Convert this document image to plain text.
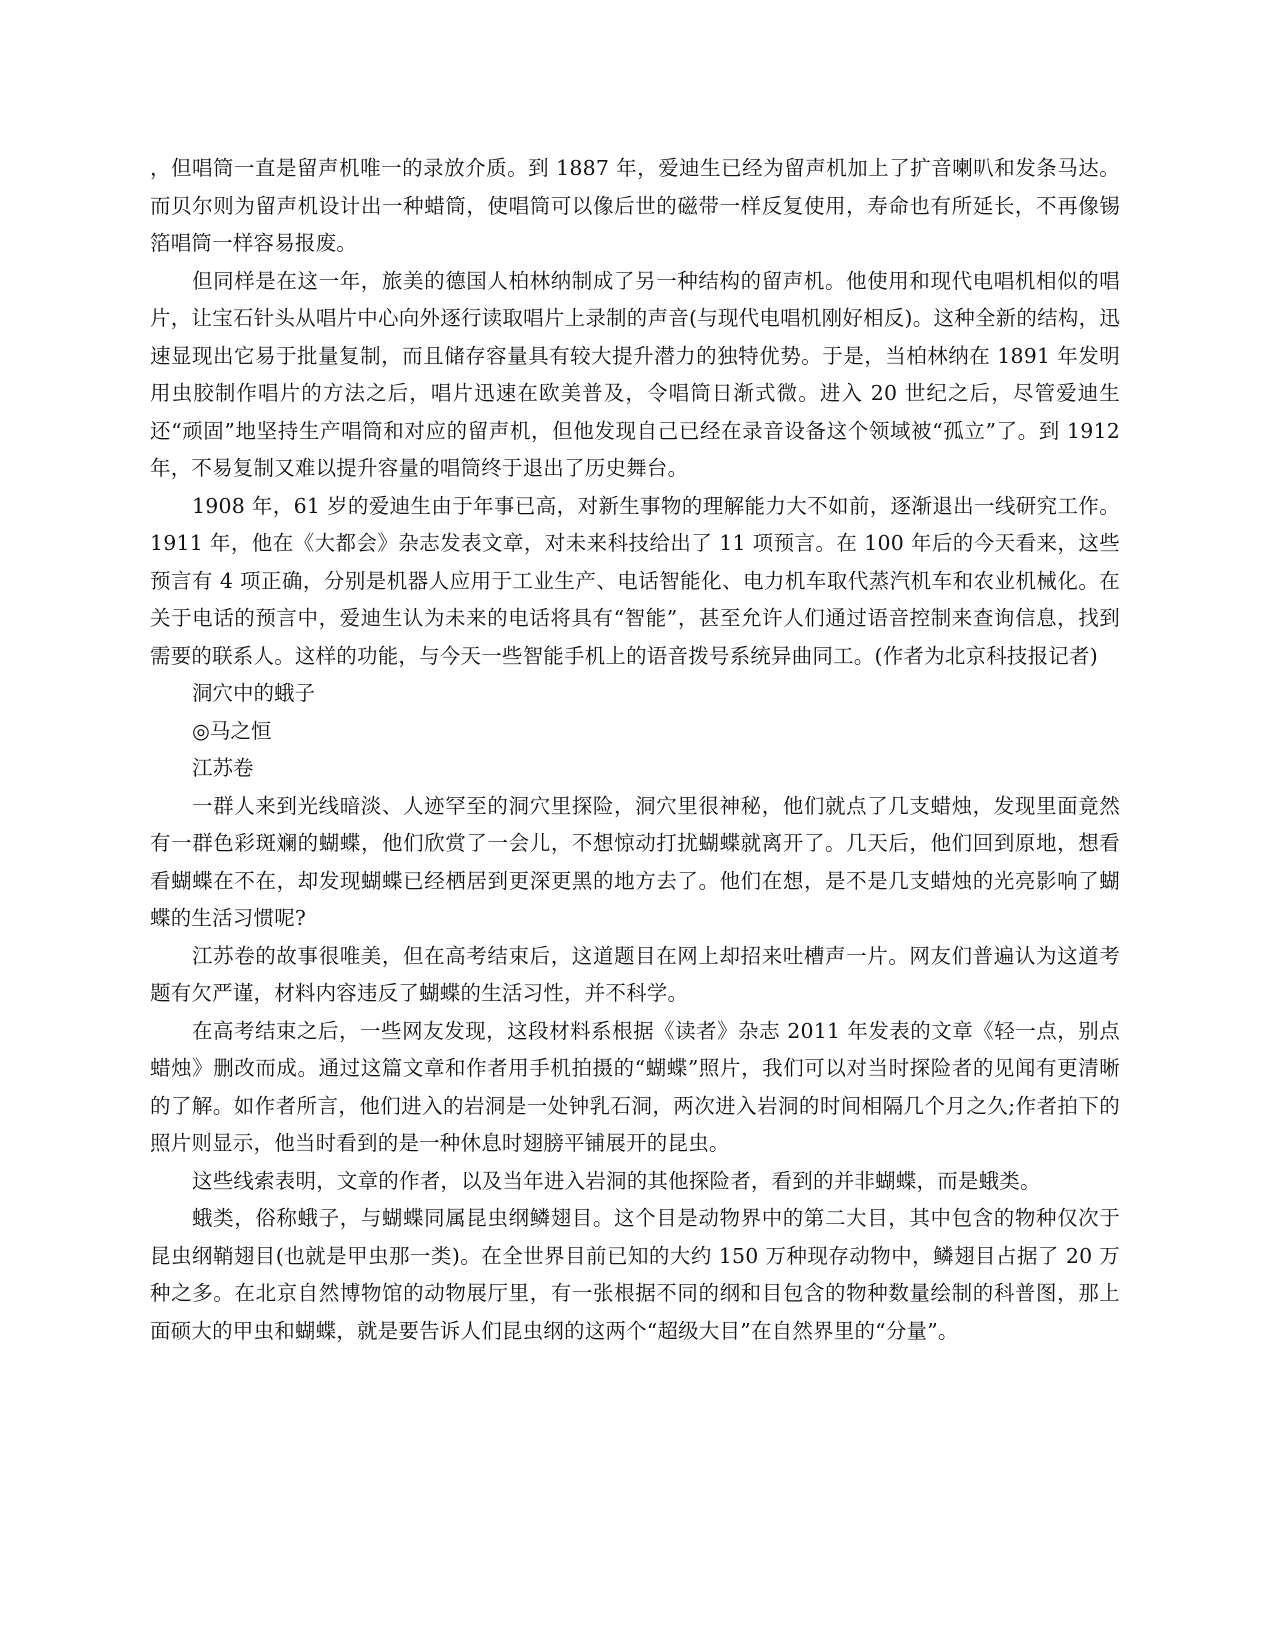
，但唱筒一直是留声机唯一的录放介质。到 1887 年，爱迪生已经为留声机加上了扩音喇叭和发条马达。而贝尔则为留声机设计出一种蜡筒，使唱筒可以像后世的磁带一样反复使用，寿命也有所延长，不再像锡箔唱筒一样容易报废。

但同样是在这一年，旅美的德国人柏林纳制成了另一种结构的留声机。他使用和现代电唱机相似的唱片，让宝石针头从唱片中心向外逐行读取唱片上录制的声音(与现代电唱机刚好相反)。这种全新的结构，迅速显现出它易于批量复制，而且储存容量具有较大提升潜力的独特优势。于是，当柏林纳在 1891 年发明用虫胶制作唱片的方法之后，唱片迅速在欧美普及，令唱筒日渐式微。进入 20 世纪之后，尽管爱迪生还“顽固”地坚持生产唱筒和对应的留声机，但他发现自己已经在录音设备这个领域被“孤立”了。到 1912 年，不易复制又难以提升容量的唱筒终于退出了历史舞台。

1908 年，61 岁的爱迪生由于年事已高，对新生事物的理解能力大不如前，逐渐退出一线研究工作。1911 年，他在《大都会》杂志发表文章，对未来科技给出了 11 项预言。在 100 年后的今天看来，这些预言有 4 项正确，分别是机器人应用于工业生产、电话智能化、电力机车取代蒸汽机车和农业机械化。在关于电话的预言中，爱迪生认为未来的电话将具有“智能”，甚至允许人们通过语音控制来查询信息，找到需要的联系人。这样的功能，与今天一些智能手机上的语音拨号系统异曲同工。(作者为北京科技报记者)

洞穴中的蛾子

◎马之恒

江苏卷

一群人来到光线暗淡、人迹罕至的洞穴里探险，洞穴里很神秘，他们就点了几支蜡烛，发现里面竟然有一群色彩斑斓的蝴蝶，他们欣赏了一会儿，不想惊动打扰蝴蝶就离开了。几天后，他们回到原地，想看看蝴蝶在不在，却发现蝴蝶已经栖居到更深更黑的地方去了。他们在想，是不是几支蜡烛的光亮影响了蝴蝶的生活习惯呢?

江苏卷的故事很唯美，但在高考结束后，这道题目在网上却招来吐槽声一片。网友们普遍认为这道考题有欠严谨，材料内容违反了蝴蝶的生活习性，并不科学。

在高考结束之后，一些网友发现，这段材料系根据《读者》杂志 2011 年发表的文章《轻一点，别点蜡烛》删改而成。通过这篇文章和作者用手机拍摄的“蝴蝶”照片，我们可以对当时探险者的见闻有更清晰的了解。如作者所言，他们进入的岩洞是一处钟乳石洞，两次进入岩洞的时间相隔几个月之久;作者拍下的照片则显示，他当时看到的是一种休息时翅膀平铺展开的昆虫。

这些线索表明，文章的作者，以及当年进入岩洞的其他探险者，看到的并非蝴蝶，而是蛾类。

蛾类，俗称蛾子，与蝴蝶同属昆虫纲鳞翅目。这个目是动物界中的第二大目，其中包含的物种仅次于昆虫纲鞘翅目(也就是甲虫那一类)。在全世界目前已知的大约 150 万种现存动物中，鳞翅目占据了 20 万种之多。在北京自然博物馆的动物展厅里，有一张根据不同的纲和目包含的物种数量绘制的科普图，那上面硕大的甲虫和蝴蝶，就是要告诉人们昆虫纲的这两个“超级大目”在自然界里的“分量”。
